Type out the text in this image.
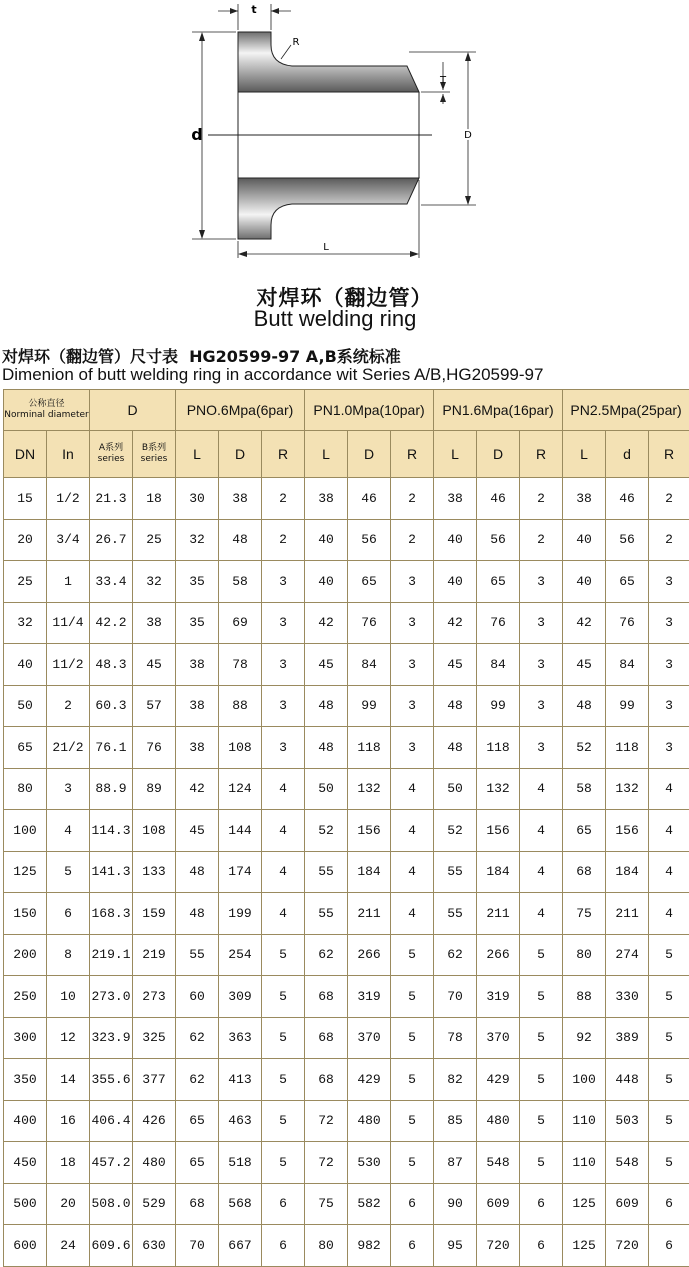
t
R
T
d	D
L
对焊环（翻边管）
Butt welding ring
对焊环（翻边管）尺寸表  HG20599-97 A,B系统标准
Dimenion of butt welding ring in accordance wit Series A/B,HG20599-97
公称直径
Norminal diameter		D		PNO.6Mpa(6par)			PN1.0Mpa(10par)			PN1.6Mpa(16par)			PN2.5Mpa(25par)		
DN	In	A系列
series	B系列
series	L	D	R	L	D	R	L	D	R	L	d	R
15	1/2	21.3	18	30	38	2	38	46	2	38	46	2	38	46	2
20	3/4	26.7	25	32	48	2	40	56	2	40	56	2	40	56	2
25	1	33.4	32	35	58	3	40	65	3	40	65	3	40	65	3
32	11/4	42.2	38	35	69	3	42	76	3	42	76	3	42	76	3
40	11/2	48.3	45	38	78	3	45	84	3	45	84	3	45	84	3
50	2	60.3	57	38	88	3	48	99	3	48	99	3	48	99	3
65	21/2	76.1	76	38	108	3	48	118	3	48	118	3	52	118	3
80	3	88.9	89	42	124	4	50	132	4	50	132	4	58	132	4
100	4	114.3	108	45	144	4	52	156	4	52	156	4	65	156	4
125	5	141.3	133	48	174	4	55	184	4	55	184	4	68	184	4
150	6	168.3	159	48	199	4	55	211	4	55	211	4	75	211	4
200	8	219.1	219	55	254	5	62	266	5	62	266	5	80	274	5
250	10	273.0	273	60	309	5	68	319	5	70	319	5	88	330	5
300	12	323.9	325	62	363	5	68	370	5	78	370	5	92	389	5
350	14	355.6	377	62	413	5	68	429	5	82	429	5	100	448	5
400	16	406.4	426	65	463	5	72	480	5	85	480	5	110	503	5
450	18	457.2	480	65	518	5	72	530	5	87	548	5	110	548	5
500	20	508.0	529	68	568	6	75	582	6	90	609	6	125	609	6
600	24	609.6	630	70	667	6	80	982	6	95	720	6	125	720	6
